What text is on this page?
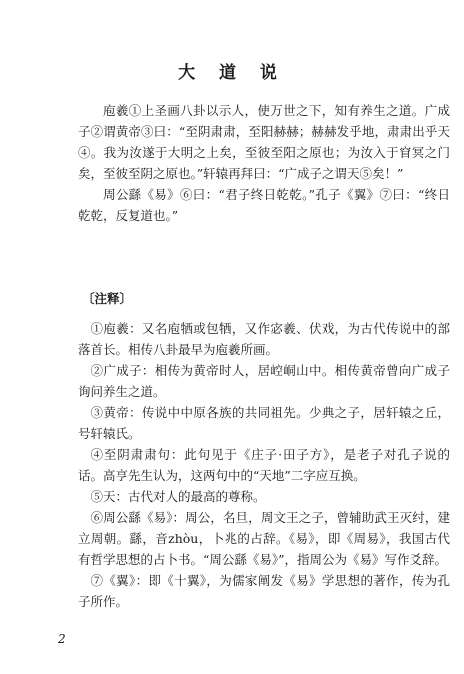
大 道 说

庖羲①上圣画八卦以示人，使万世之下，知有养生之道。广成子②谓黄帝③曰：“至阴肃肃，至阳赫赫；赫赫发乎地，肃肃出乎天④。我为汝遂于大明之上矣，至彼至阳之原也；为汝入于窅冥之门矣，至彼至阴之原也。”轩辕再拜曰：“广成子之谓天⑤矣！”

周公繇《易》⑥曰：“君子终日乾乾。”孔子《翼》⑦曰：“终日乾乾，反复道也。”

〔注释〕

①庖羲：又名庖牺或包牺，又作宓羲、伏戏，为古代传说中的部落首长。相传八卦最早为庖羲所画。

②广成子：相传为黄帝时人，居崆峒山中。相传黄帝曾向广成子询问养生之道。

③黄帝：传说中中原各族的共同祖先。少典之子，居轩辕之丘，号轩辕氏。

④至阴肃肃句：此句见于《庄子·田子方》，是老子对孔子说的话。高亨先生认为，这两句中的“天地”二字应互换。

⑤天：古代对人的最高的尊称。

⑥周公繇《易》：周公，名旦，周文王之子，曾辅助武王灭纣，建立周朝。繇，音zhòu，卜兆的占辞。《易》，即《周易》，我国古代有哲学思想的占卜书。“周公繇《易》”，指周公为《易》写作爻辞。

⑦《翼》：即《十翼》，为儒家阐发《易》学思想的著作，传为孔子所作。

2
